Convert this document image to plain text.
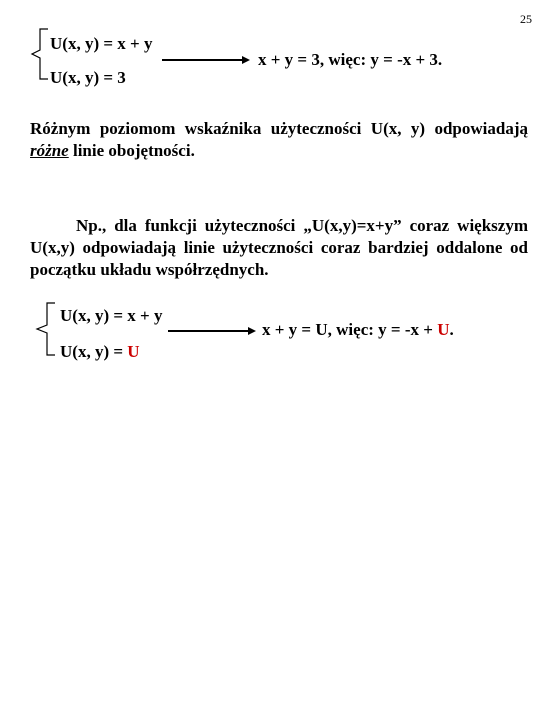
25
U(x, y) = x + y
U(x, y) = 3
x + y = 3, więc: y = -x + 3.
Różnym poziomom wskaźnika użyteczności U(x, y) odpowiadają różne linie obojętności.
Np., dla funkcji użyteczności „U(x,y)=x+y” coraz większym U(x,y) odpowiadają linie użyteczności coraz bardziej oddalone od początku układu współrzędnych.
U(x, y) = x + y
U(x, y) = U
x + y = U, więc: y = -x + U.
